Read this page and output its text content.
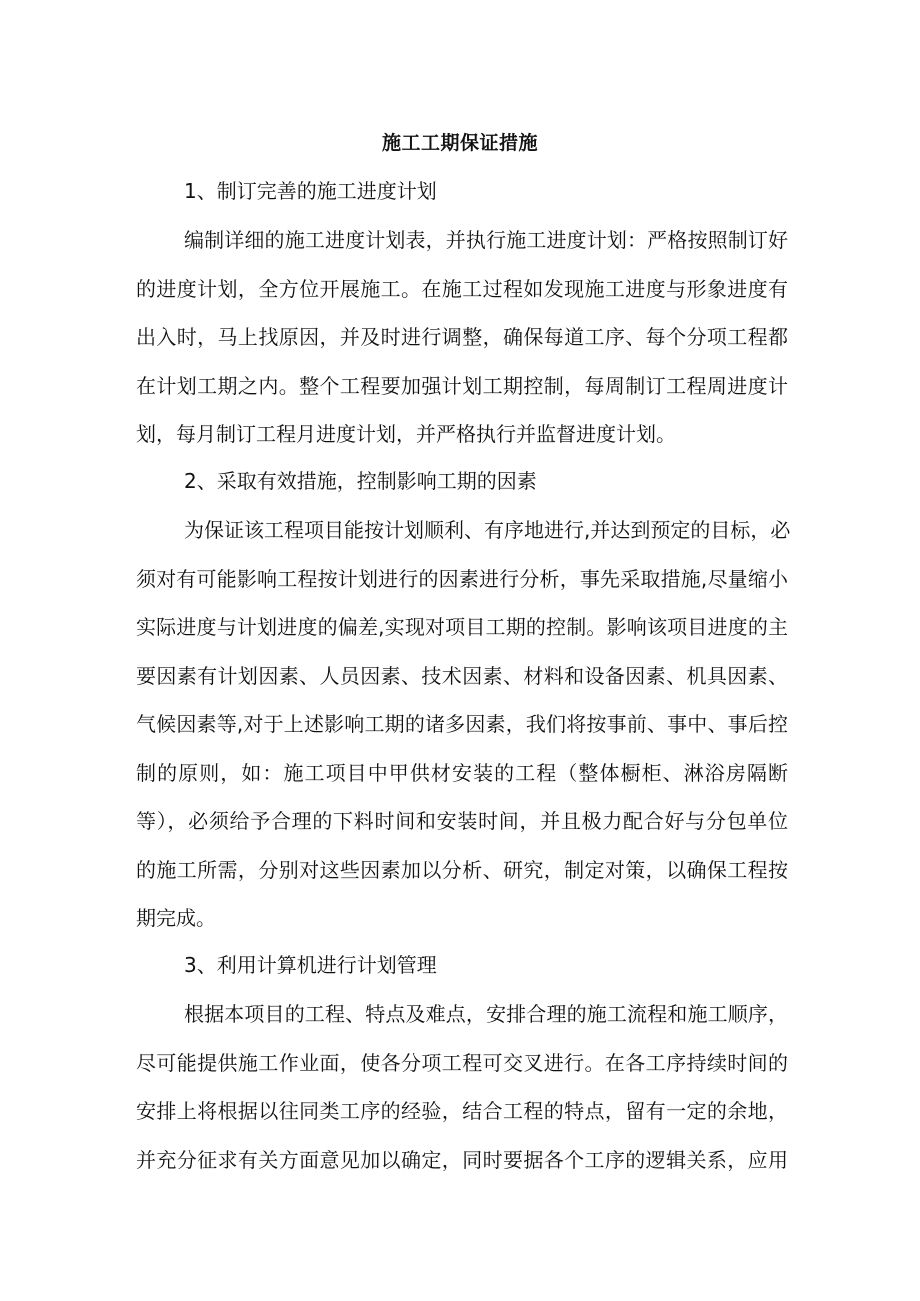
施工工期保证措施
1、制订完善的施工进度计划
编制详细的施工进度计划表，并执行施工进度计划：严格按照制订好
的进度计划，全方位开展施工。在施工过程如发现施工进度与形象进度有
出入时，马上找原因，并及时进行调整，确保每道工序、每个分项工程都
在计划工期之内。整个工程要加强计划工期控制，每周制订工程周进度计
划，每月制订工程月进度计划，并严格执行并监督进度计划。
2、采取有效措施，控制影响工期的因素
为保证该工程项目能按计划顺利、有序地进行,并达到预定的目标，必
须对有可能影响工程按计划进行的因素进行分析，事先采取措施,尽量缩小
实际进度与计划进度的偏差,实现对项目工期的控制。影响该项目进度的主
要因素有计划因素、人员因素、技术因素、材料和设备因素、机具因素、
气候因素等,对于上述影响工期的诸多因素，我们将按事前、事中、事后控
制的原则，如：施工项目中甲供材安装的工程（整体橱柜、淋浴房隔断
等），必须给予合理的下料时间和安装时间，并且极力配合好与分包单位
的施工所需，分别对这些因素加以分析、研究，制定对策，以确保工程按
期完成。
3、利用计算机进行计划管理
根据本项目的工程、特点及难点，安排合理的施工流程和施工顺序，
尽可能提供施工作业面，使各分项工程可交叉进行。在各工序持续时间的
安排上将根据以往同类工序的经验，结合工程的特点，留有一定的余地，
并充分征求有关方面意见加以确定，同时要据各个工序的逻辑关系，应用
